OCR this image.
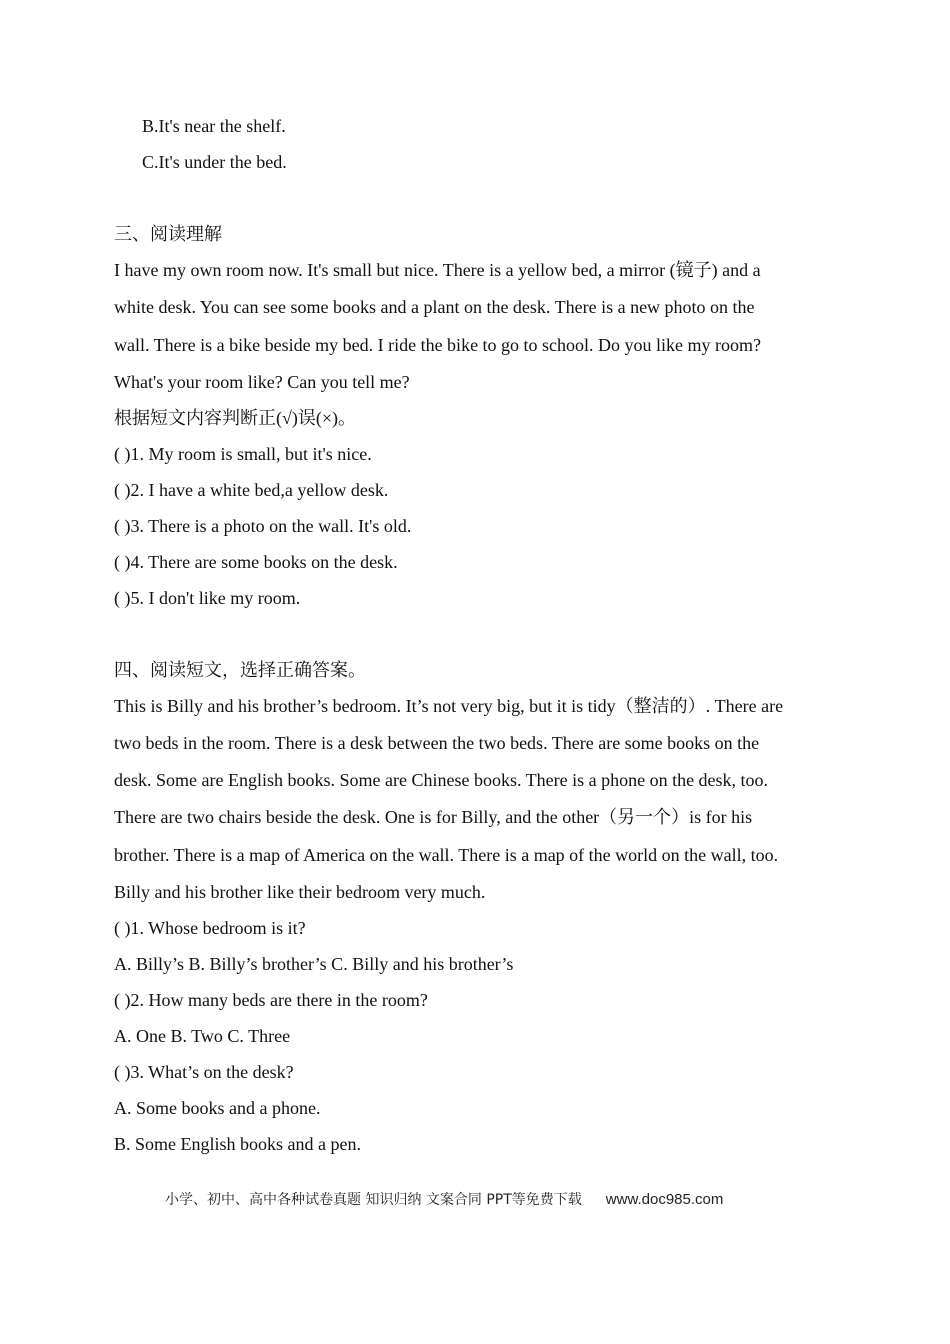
B.It's near the shelf.
C.It's under the bed.
三、阅读理解
I have my own room now. It's small but nice. There is a yellow bed, a mirror (镜子) and a
white desk. You can see some books and a plant on the desk. There is a new photo on the
wall. There is a bike beside my bed. I ride the bike to go to school. Do you like my room?
What's your room like? Can you tell me?
根据短文内容判断正(√)误(×)。
( )1. My room is small, but it's nice.
( )2. I have a white bed,a yellow desk.
( )3. There is a photo on the wall. It's old.
( )4. There are some books on the desk.
( )5. I don't like my room.
四、阅读短文，选择正确答案。
This is Billy and his brother’s bedroom. It’s not very big, but it is tidy（整洁的）. There are
two beds in the room. There is a desk between the two beds. There are some books on the
desk. Some are English books. Some are Chinese books. There is a phone on the desk, too.
There are two chairs beside the desk. One is for Billy, and the other（另一个）is for his
brother. There is a map of America on the wall. There is a map of the world on the wall, too.
Billy and his brother like their bedroom very much.
( )1. Whose bedroom is it?
A. Billy’s B. Billy’s brother’s C. Billy and his brother’s
( )2. How many beds are there in the room?
A. One B. Two C. Three
( )3. What’s on the desk?
A. Some books and a phone.
B. Some English books and a pen.
小学、初中、高中各种试卷真题 知识归纳 文案合同 PPT等免费下载 www.doc985.com
